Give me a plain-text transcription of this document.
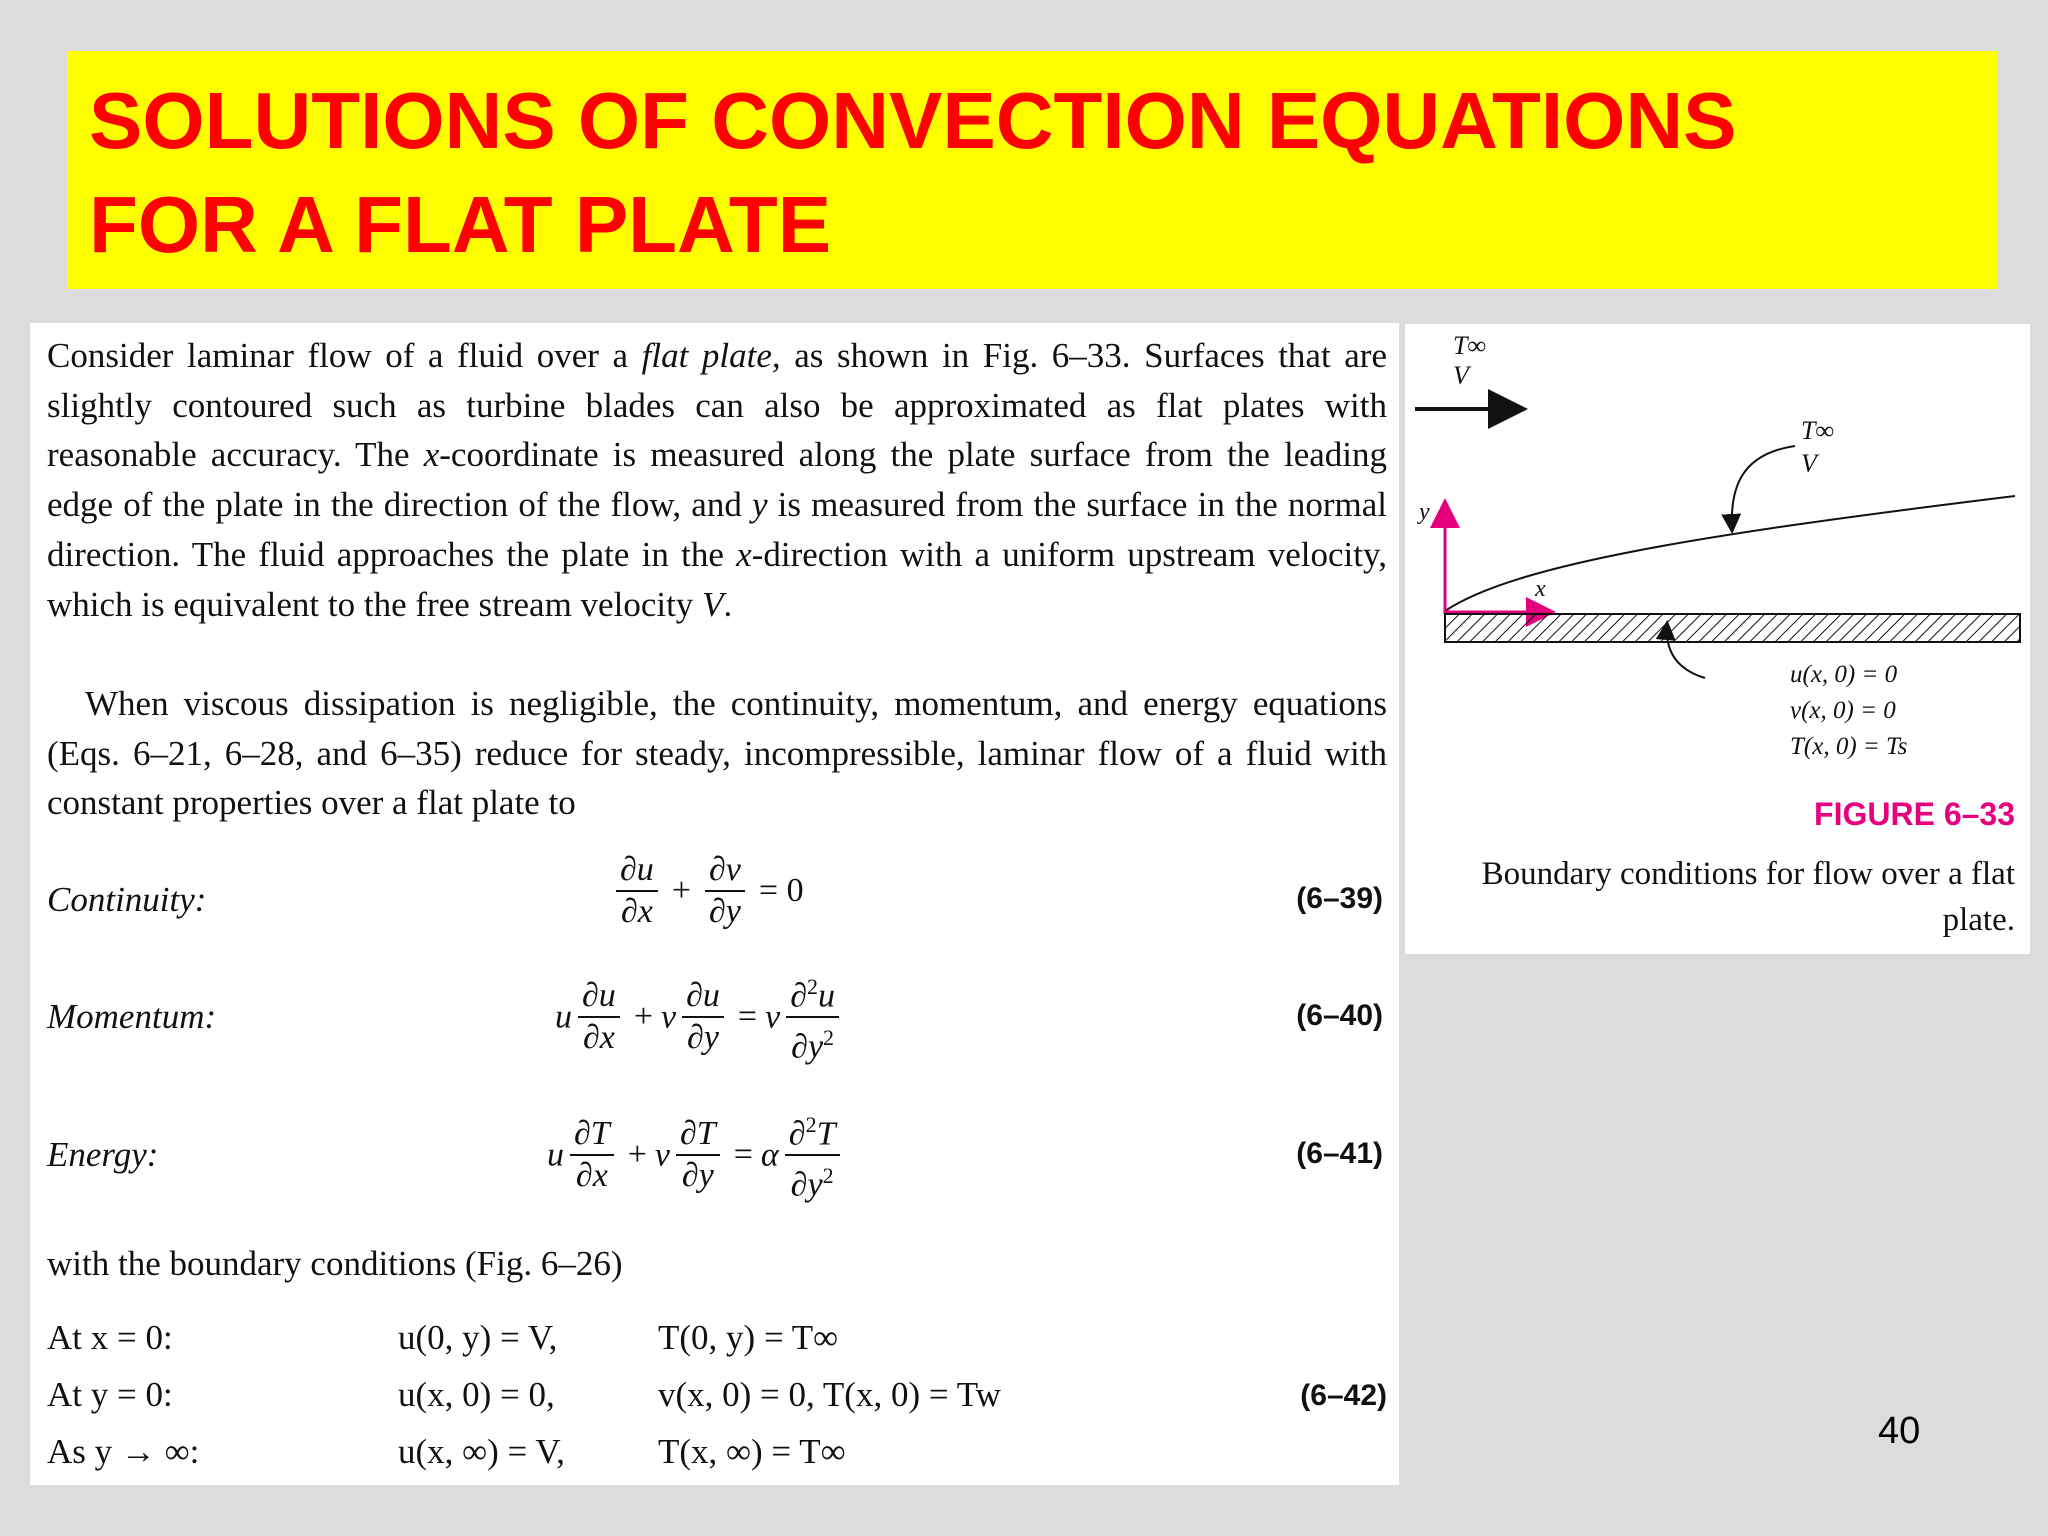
SOLUTIONS OF CONVECTION EQUATIONS
FOR A FLAT PLATE

Consider laminar flow of a fluid over a flat plate, as shown in Fig. 6–33. Surfaces that are slightly contoured such as turbine blades can also be approximated as flat plates with reasonable accuracy. The x-coordinate is measured along the plate surface from the leading edge of the plate in the direction of the flow, and y is measured from the surface in the normal direction. The fluid approaches the plate in the x-direction with a uniform upstream velocity, which is equivalent to the free stream velocity V.

When viscous dissipation is negligible, the continuity, momentum, and energy equations (Eqs. 6–21, 6–28, and 6–35) reduce for steady, incompressible, laminar flow of a fluid with constant properties over a flat plate to

Continuity:	$\frac{\partial u}{\partial x} + \frac{\partial v}{\partial y} = 0$	(6–39)
Momentum:	u $\frac{\partial u}{\partial x} + v \frac{\partial u}{\partial y} = \nu \frac{\partial^2u}{\partial y^2}$	(6–40)
Energy:	u $\frac{\partial T}{\partial x} + v \frac{\partial T}{\partial y} = \alpha \frac{\partial^2T}{\partial y^2}$	(6–41)
with the boundary conditions (Fig. 6–26)
At x = 0:	u(0, y) = V,	T(0, y) = T∞
At y = 0:	u(x, 0) = 0,	v(x, 0) = 0, T(x, 0) = Tw	(6–42)
As y → ∞:	u(x, ∞) = V,	T(x, ∞) = T∞
T∞
V
T∞
V
y
x
u(x, 0) = 0
v(x, 0) = 0
T(x, 0) = Ts
FIGURE 6–33
Boundary conditions for flow over a flat plate.
40
